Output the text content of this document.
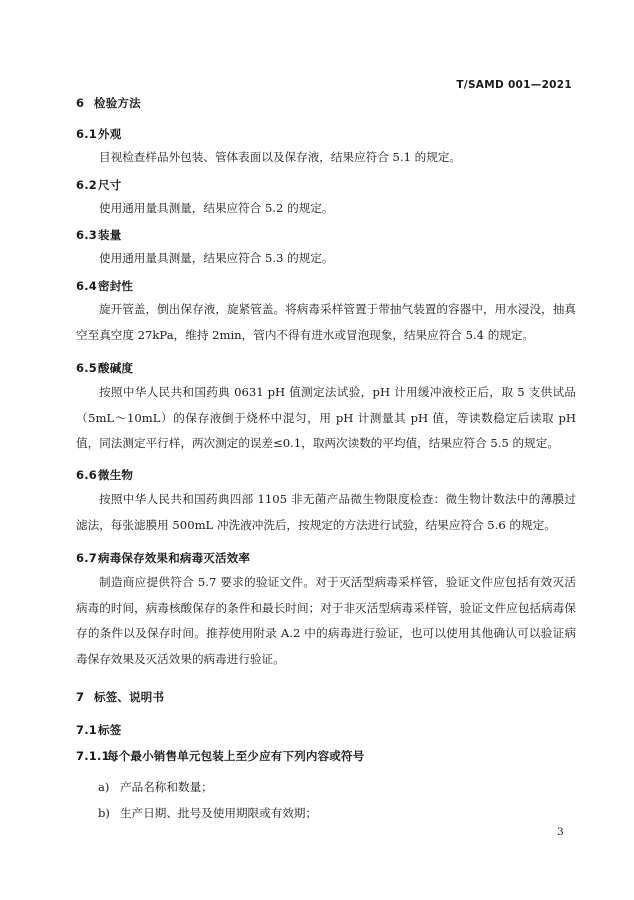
T/SAMD 001—2021
6 检验方法
6.1外观
目视检查样品外包装、管体表面以及保存液，结果应符合 5.1 的规定。
6.2尺寸
使用通用量具测量，结果应符合 5.2 的规定。
6.3装量
使用通用量具测量，结果应符合 5.3 的规定。
6.4密封性
旋开管盖，倒出保存液，旋紧管盖。将病毒采样管置于带抽气装置的容器中，用水浸没，抽真空至真空度 27kPa，维持 2min，管内不得有进水或冒泡现象，结果应符合 5.4 的规定。
6.5酸碱度
按照中华人民共和国药典 0631 pH 值测定法试验，pH 计用缓冲液校正后，取 5 支供试品（5mL～10mL）的保存液倒于烧杯中混匀，用 pH 计测量其 pH 值，等读数稳定后读取 pH 值，同法测定平行样，两次测定的误差≤0.1，取两次读数的平均值，结果应符合 5.5 的规定。
6.6微生物
按照中华人民共和国药典四部 1105 非无菌产品微生物限度检查：微生物计数法中的薄膜过滤法，每张滤膜用 500mL 冲洗液冲洗后，按规定的方法进行试验，结果应符合 5.6 的规定。
6.7病毒保存效果和病毒灭活效率
制造商应提供符合 5.7 要求的验证文件。对于灭活型病毒采样管，验证文件应包括有效灭活病毒的时间，病毒核酸保存的条件和最长时间；对于非灭活型病毒采样管，验证文件应包括病毒保存的条件以及保存时间。推荐使用附录 A.2 中的病毒进行验证，也可以使用其他确认可以验证病毒保存效果及灭活效果的病毒进行验证。
7 标签、说明书
7.1标签
7.1.1每个最小销售单元包装上至少应有下列内容或符号
a) 产品名称和数量；
b) 生产日期、批号及使用期限或有效期；
3
